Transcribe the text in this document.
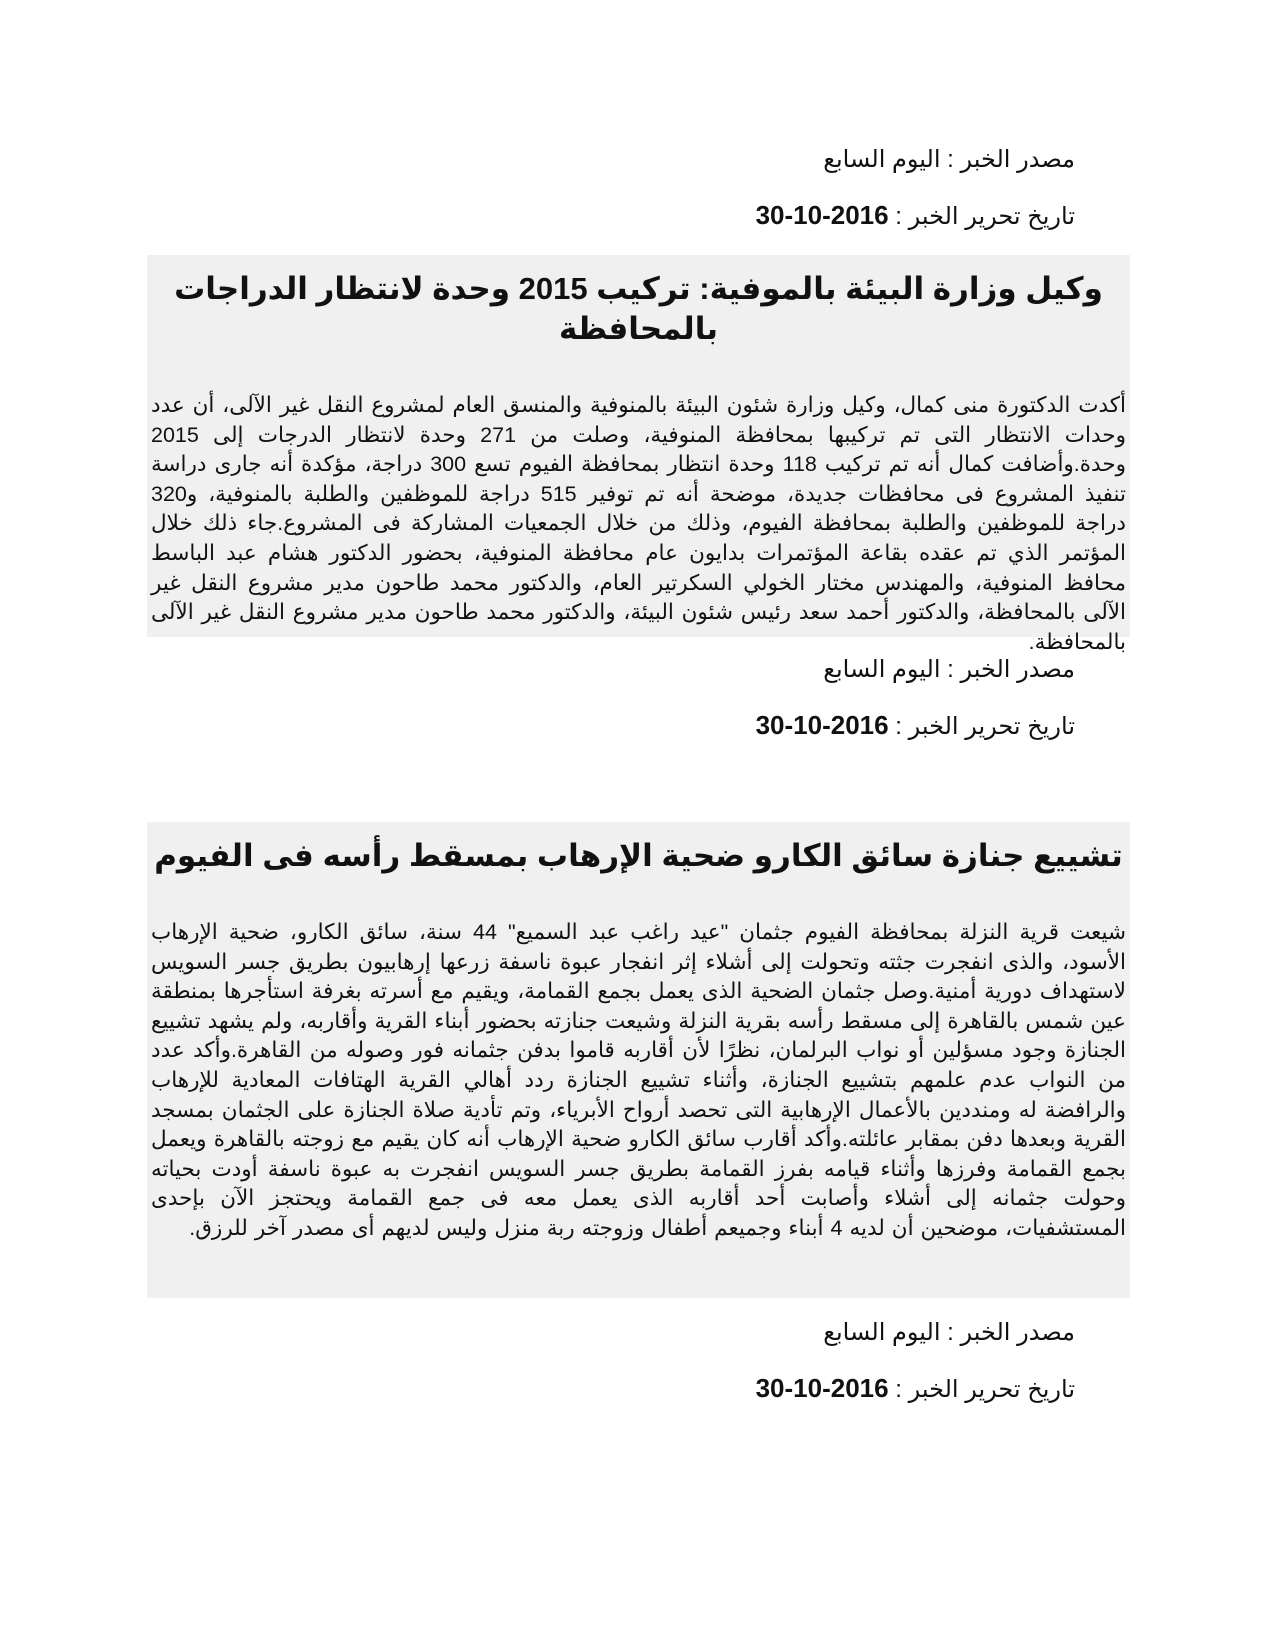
مصدر الخبر : اليوم السابع
تاريخ تحرير الخبر : 2016-10-30
وكيل وزارة البيئة بالموفية: تركيب 2015 وحدة لانتظار الدراجات بالمحافظة

أكدت الدكتورة منى كمال، وكيل وزارة شئون البيئة بالمنوفية والمنسق العام لمشروع النقل غير الآلى، أن عدد وحدات الانتظار التى تم تركيبها بمحافظة المنوفية، وصلت من 271 وحدة لانتظار الدرجات إلى 2015 وحدة.وأضافت كمال أنه تم تركيب 118 وحدة انتظار بمحافظة الفيوم تسع 300 دراجة، مؤكدة أنه جارى دراسة تنفيذ المشروع فى محافظات جديدة، موضحة أنه تم توفير 515 دراجة للموظفين والطلبة بالمنوفية، و320 دراجة للموظفين والطلبة بمحافظة الفيوم، وذلك من خلال الجمعيات المشاركة فى المشروع.جاء ذلك خلال المؤتمر الذي تم عقده بقاعة المؤتمرات بدايون عام محافظة المنوفية، بحضور الدكتور هشام عبد الباسط محافظ المنوفية، والمهندس مختار الخولي السكرتير العام، والدكتور محمد طاحون مدير مشروع النقل غير الآلى بالمحافظة، والدكتور أحمد سعد رئيس شئون البيئة، والدكتور محمد طاحون مدير مشروع النقل غير الآلى بالمحافظة.

مصدر الخبر : اليوم السابع
تاريخ تحرير الخبر : 2016-10-30
تشييع جنازة سائق الكارو ضحية الإرهاب بمسقط رأسه فى الفيوم

شيعت قرية النزلة بمحافظة الفيوم جثمان "عيد راغب عبد السميع" 44 سنة، سائق الكارو، ضحية الإرهاب الأسود، والذى انفجرت جثته وتحولت إلى أشلاء إثر انفجار عبوة ناسفة زرعها إرهابيون بطريق جسر السويس لاستهداف دورية أمنية.وصل جثمان الضحية الذى يعمل بجمع القمامة، ويقيم مع أسرته بغرفة استأجرها بمنطقة عين شمس بالقاهرة إلى مسقط رأسه بقرية النزلة وشيعت جنازته بحضور أبناء القرية وأقاربه، ولم يشهد تشييع الجنازة وجود مسؤلين أو نواب البرلمان، نظرًا لأن أقاربه قاموا بدفن جثمانه فور وصوله من القاهرة.وأكد عدد من النواب عدم علمهم بتشييع الجنازة، وأثناء تشييع الجنازة ردد أهالي القرية الهتافات المعادية للإرهاب والرافضة له ومنددين بالأعمال الإرهابية التى تحصد أرواح الأبرياء، وتم تأدية صلاة الجنازة على الجثمان بمسجد القرية وبعدها دفن بمقابر عائلته.وأكد أقارب سائق الكارو ضحية الإرهاب أنه كان يقيم مع زوجته بالقاهرة ويعمل بجمع القمامة وفرزها وأثناء قيامه بفرز القمامة بطريق جسر السويس انفجرت به عبوة ناسفة أودت بحياته وحولت جثمانه إلى أشلاء وأصابت أحد أقاربه الذى يعمل معه فى جمع القمامة ويحتجز الآن بإحدى المستشفيات، موضحين أن لديه 4 أبناء وجميعم أطفال وزوجته ربة منزل وليس لديهم أى مصدر آخر للرزق.

مصدر الخبر : اليوم السابع
تاريخ تحرير الخبر : 2016-10-30
